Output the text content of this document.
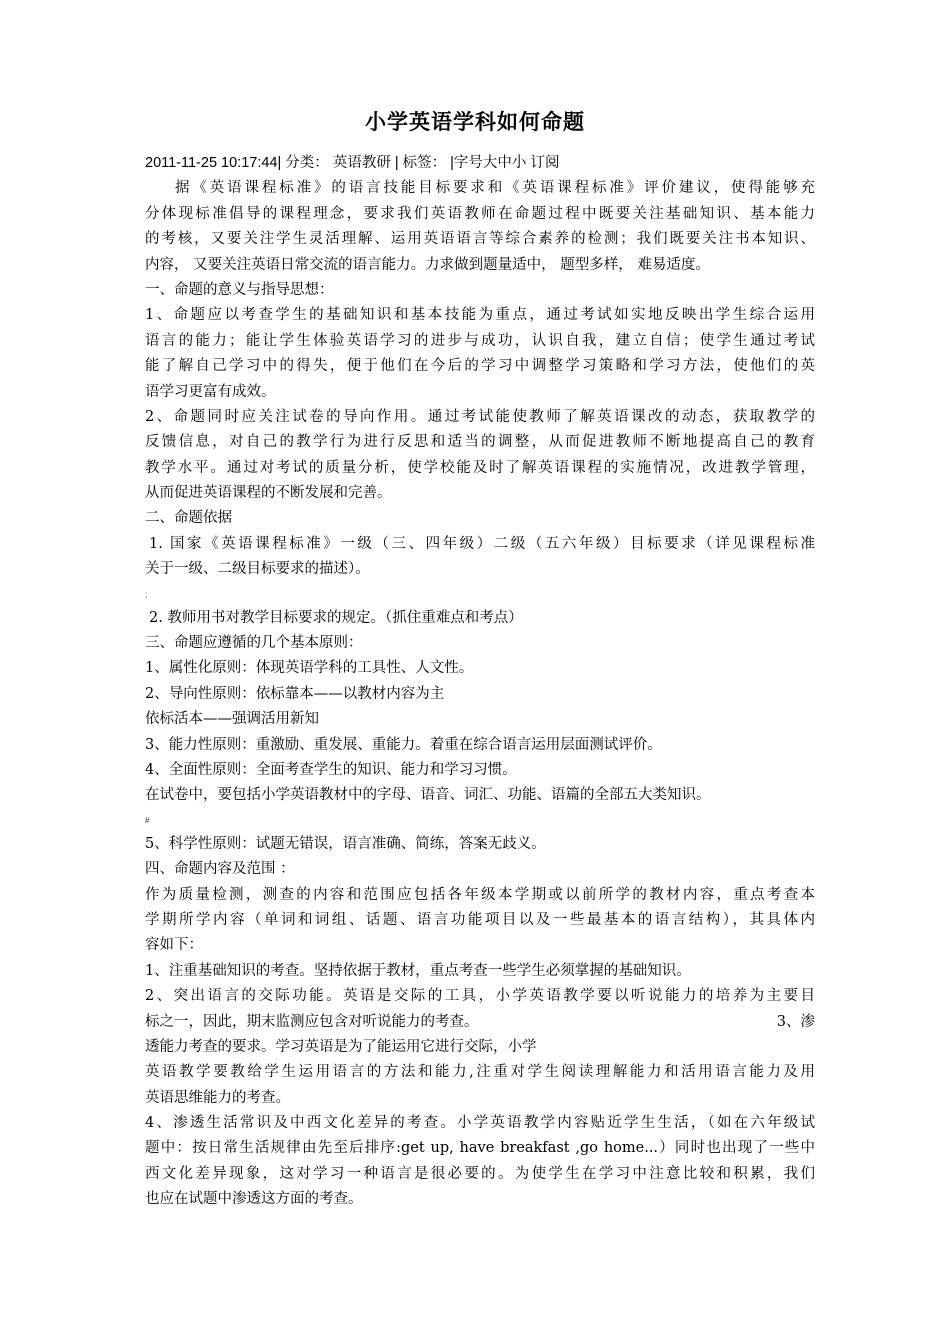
小学英语学科如何命题
2011-11-25 10:17:44| 分类： 英语教研 | 标签： |字号大中小 订阅
据《英语课程标准》的语言技能目标要求和《英语课程标准》评价建议，使得能够充
分体现标准倡导的课程理念，要求我们英语教师在命题过程中既要关注基础知识、基本能力
的考核，又要关注学生灵活理解、运用英语语言等综合素养的检测；我们既要关注书本知识、
内容， 又要关注英语日常交流的语言能力。力求做到题量适中， 题型多样， 难易适度。
一、命题的意义与指导思想：
1、命题应以考查学生的基础知识和基本技能为重点，通过考试如实地反映出学生综合运用
语言的能力；能让学生体验英语学习的进步与成功，认识自我，建立自信；使学生通过考试
能了解自己学习中的得失，便于他们在今后的学习中调整学习策略和学习方法，使他们的英
语学习更富有成效。
2、命题同时应关注试卷的导向作用。通过考试能使教师了解英语课改的动态，获取教学的
反馈信息，对自己的教学行为进行反思和适当的调整，从而促进教师不断地提高自己的教育
教学水平。通过对考试的质量分析，使学校能及时了解英语课程的实施情况，改进教学管理，
从而促进英语课程的不断发展和完善。
二、命题依据
1. 国家《英语课程标准》一级（三、四年级）二级（五六年级）目标要求（详见课程标准
关于一级、二级目标要求的描述）。
;
2. 教师用书对教学目标要求的规定。（抓住重难点和考点）
三、命题应遵循的几个基本原则：
1、属性化原则：体现英语学科的工具性、人文性。
2、导向性原则：依标靠本——以教材内容为主
依标活本——强调活用新知
3、能力性原则：重激励、重发展、重能力。着重在综合语言运用层面测试评价。
4、全面性原则：全面考查学生的知识、能力和学习习惯。
在试卷中，要包括小学英语教材中的字母、语音、词汇、功能、语篇的全部五大类知识。
#
5、科学性原则：试题无错误，语言准确、简练，答案无歧义。
四、命题内容及范围 ：
作为质量检测，测查的内容和范围应包括各年级本学期或以前所学的教材内容，重点考查本
学期所学内容（单词和词组、话题、语言功能项目以及一些最基本的语言结构），其具体内
容如下：
1、注重基础知识的考查。坚持依据于教材，重点考查一些学生必须掌握的基础知识。
2、突出语言的交际功能。英语是交际的工具，小学英语教学要以听说能力的培养为主要目
标之一，因此，期末监测应包含对听说能力的考查。	3、渗
透能力考查的要求。学习英语是为了能运用它进行交际，小学
英语教学要教给学生运用语言的方法和能力,注重对学生阅读理解能力和活用语言能力及用
英语思维能力的考查。
4、渗透生活常识及中西文化差异的考查。小学英语教学内容贴近学生生活，（如在六年级试
题中：按日常生活规律由先至后排序:get up, have breakfast ,go home...）同时也出现了一些中
西文化差异现象，这对学习一种语言是很必要的。为使学生在学习中注意比较和积累，我们
也应在试题中渗透这方面的考查。
